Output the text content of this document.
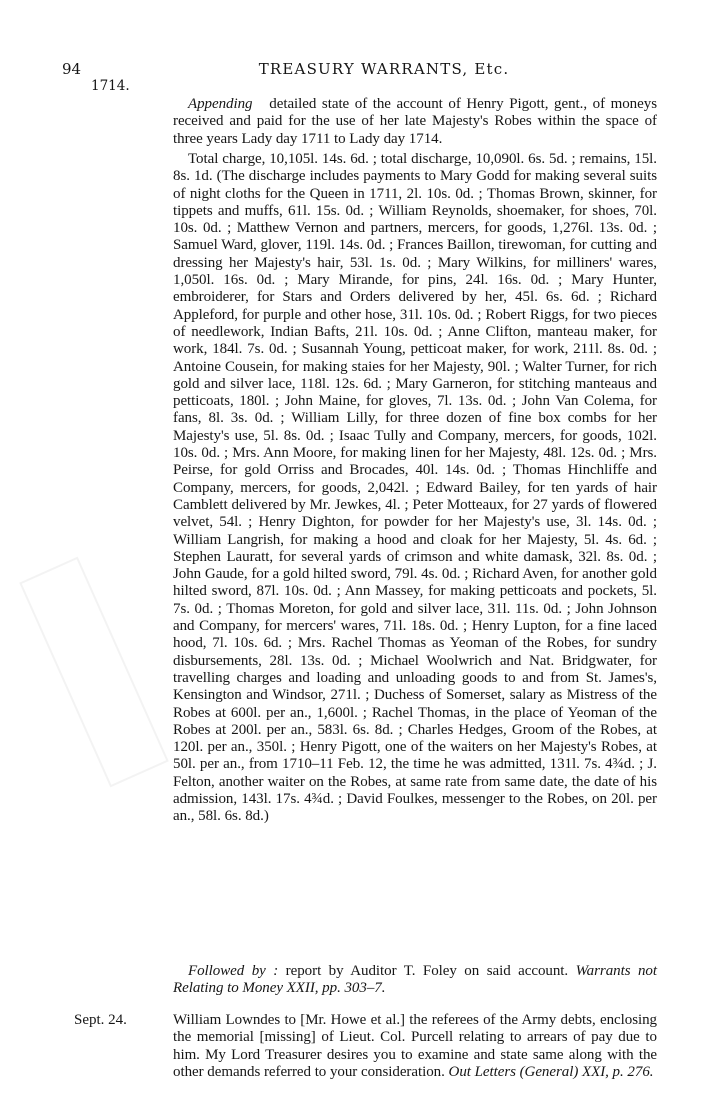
94	TREASURY WARRANTS, Etc.
1714.

 Appending detailed state of the account of Henry Pigott, gent., of moneys received and paid for the use of her late Majesty's Robes within the space of three years Lady day 1711 to Lady day 1714.

 Total charge, 10,105l. 14s. 6d. ; total discharge, 10,090l. 6s. 5d. ; remains, 15l. 8s. 1d. (The discharge includes payments to Mary Godd for making several suits of night cloths for the Queen in 1711, 2l. 10s. 0d. ; Thomas Brown, skinner, for tippets and muffs, 61l. 15s. 0d. ; William Reynolds, shoemaker, for shoes, 70l. 10s. 0d. ; Matthew Vernon and partners, mercers, for goods, 1,276l. 13s. 0d. ; Samuel Ward, glover, 119l. 14s. 0d. ; Frances Baillon, tirewoman, for cutting and dressing her Majesty's hair, 53l. 1s. 0d. ; Mary Wilkins, for milliners' wares, 1,050l. 16s. 0d. ; Mary Mirande, for pins, 24l. 16s. 0d. ; Mary Hunter, embroiderer, for Stars and Orders delivered by her, 45l. 6s. 6d. ; Richard Appleford, for purple and other hose, 31l. 10s. 0d. ; Robert Riggs, for two pieces of needlework, Indian Bafts, 21l. 10s. 0d. ; Anne Clifton, manteau maker, for work, 184l. 7s. 0d. ; Susannah Young, petticoat maker, for work, 211l. 8s. 0d. ; Antoine Cousein, for making staies for her Majesty, 90l. ; Walter Turner, for rich gold and silver lace, 118l. 12s. 6d. ; Mary Garneron, for stitching manteaus and petticoats, 180l. ; John Maine, for gloves, 7l. 13s. 0d. ; John Van Colema, for fans, 8l. 3s. 0d. ; William Lilly, for three dozen of fine box combs for her Majesty's use, 5l. 8s. 0d. ; Isaac Tully and Company, mercers, for goods, 102l. 10s. 0d. ; Mrs. Ann Moore, for making linen for her Majesty, 48l. 12s. 0d. ; Mrs. Peirse, for gold Orriss and Brocades, 40l. 14s. 0d. ; Thomas Hinchliffe and Company, mercers, for goods, 2,042l. ; Edward Bailey, for ten yards of hair Camblett delivered by Mr. Jewkes, 4l. ; Peter Motteaux, for 27 yards of flowered velvet, 54l. ; Henry Dighton, for powder for her Majesty's use, 3l. 14s. 0d. ; William Langrish, for making a hood and cloak for her Majesty, 5l. 4s. 6d. ; Stephen Lauratt, for several yards of crimson and white damask, 32l. 8s. 0d. ; John Gaude, for a gold hilted sword, 79l. 4s. 0d. ; Richard Aven, for another gold hilted sword, 87l. 10s. 0d. ; Ann Massey, for making petticoats and pockets, 5l. 7s. 0d. ; Thomas Moreton, for gold and silver lace, 31l. 11s. 0d. ; John Johnson and Company, for mercers' wares, 71l. 18s. 0d. ; Henry Lupton, for a fine laced hood, 7l. 10s. 6d. ; Mrs. Rachel Thomas as Yeoman of the Robes, for sundry disbursements, 28l. 13s. 0d. ; Michael Woolwrich and Nat. Bridgwater, for travelling charges and loading and unloading goods to and from St. James's, Kensington and Windsor, 271l. ; Duchess of Somerset, salary as Mistress of the Robes at 600l. per an., 1,600l. ; Rachel Thomas, in the place of Yeoman of the Robes at 200l. per an., 583l. 6s. 8d. ; Charles Hedges, Groom of the Robes, at 120l. per an., 350l. ; Henry Pigott, one of the waiters on her Majesty's Robes, at 50l. per an., from 1710–11 Feb. 12, the time he was admitted, 131l. 7s. 4¾d. ; J. Felton, another waiter on the Robes, at same rate from same date, the date of his admission, 143l. 17s. 4¾d. ; David Foulkes, messenger to the Robes, on 20l. per an., 58l. 6s. 8d.)

 Followed by : report by Auditor T. Foley on said account. Warrants not Relating to Money XXII, pp. 303–7.

Sept. 24.	William Lowndes to [Mr. Howe et al.] the referees of the Army debts, enclosing the memorial [missing] of Lieut. Col. Purcell relating to arrears of pay due to him. My Lord Treasurer desires you to examine and state same along with the other demands referred to your consideration. Out Letters (General) XXI, p. 276.
